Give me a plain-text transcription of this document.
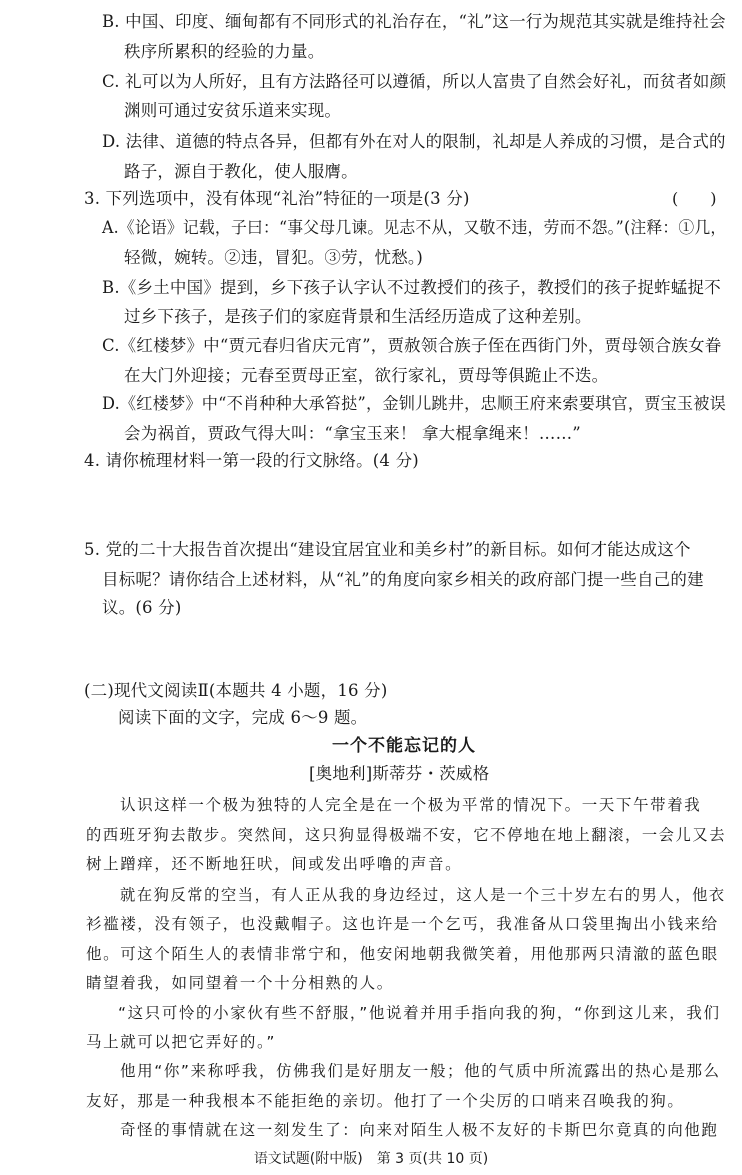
B. 中国、印度、缅甸都有不同形式的礼治存在，“礼”这一行为规范其实就是维持社会
秩序所累积的经验的力量。
C. 礼可以为人所好，且有方法路径可以遵循，所以人富贵了自然会好礼，而贫者如颜
渊则可通过安贫乐道来实现。
D. 法律、道德的特点各异，但都有外在对人的限制，礼却是人养成的习惯，是合式的
路子，源自于教化，使人服膺。
3. 下列选项中，没有体现“礼治”特征的一项是(3 分)	(　　)
A.《论语》记载，子曰：“事父母几谏。见志不从，又敬不违，劳而不怨。”(注释：①几，
轻微，婉转。②违，冒犯。③劳，忧愁。)
B.《乡土中国》提到，乡下孩子认字认不过教授们的孩子，教授们的孩子捉蚱蜢捉不
过乡下孩子，是孩子们的家庭背景和生活经历造成了这种差别。
C.《红楼梦》中“贾元春归省庆元宵”，贾赦领合族子侄在西街门外，贾母领合族女眷
在大门外迎接；元春至贾母正室，欲行家礼，贾母等俱跪止不迭。
D.《红楼梦》中“不肖种种大承笞挞”，金钏儿跳井，忠顺王府来索要琪官，贾宝玉被误
会为祸首，贾政气得大叫：“拿宝玉来！ 拿大棍拿绳来！……”
4. 请你梳理材料一第一段的行文脉络。(4 分)
5. 党的二十大报告首次提出“建设宜居宜业和美乡村”的新目标。如何才能达成这个
目标呢？请你结合上述材料，从“礼”的角度向家乡相关的政府部门提一些自己的建
议。(6 分)
(二)现代文阅读Ⅱ(本题共 4 小题，16 分)
阅读下面的文字，完成 6～9 题。
一个不能忘记的人
[奥地利]斯蒂芬・茨威格
认识这样一个极为独特的人完全是在一个极为平常的情况下。一天下午带着我
的西班牙狗去散步。突然间，这只狗显得极端不安，它不停地在地上翻滚，一会儿又去
树上蹭痒，还不断地狂吠，间或发出呼噜的声音。
就在狗反常的空当，有人正从我的身边经过，这人是一个三十岁左右的男人，他衣
衫褴褛，没有领子，也没戴帽子。这也许是一个乞丐，我准备从口袋里掏出小钱来给
他。可这个陌生人的表情非常宁和，他安闲地朝我微笑着，用他那两只清澈的蓝色眼
睛望着我，如同望着一个十分相熟的人。
“这只可怜的小家伙有些不舒服，”他说着并用手指向我的狗，“你到这儿来，我们
马上就可以把它弄好的。”
他用“你”来称呼我，仿佛我们是好朋友一般；他的气质中所流露出的热心是那么
友好，那是一种我根本不能拒绝的亲切。他打了一个尖厉的口哨来召唤我的狗。
奇怪的事情就在这一刻发生了：向来对陌生人极不友好的卡斯巴尔竟真的向他跑
语文试题(附中版)　第 3 页(共 10 页)
